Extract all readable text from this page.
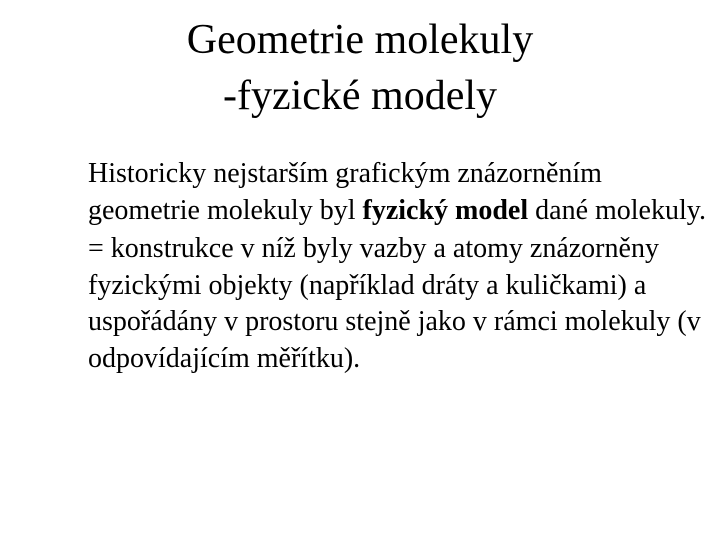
Geometrie molekuly
-fyzické modely

Historicky nejstarším grafickým znázorněním geometrie molekuly byl fyzický model dané molekuly.

= konstrukce v níž byly vazby a atomy znázorněny fyzickými objekty (například dráty a kuličkami) a uspořádány v prostoru stejně jako v rámci molekuly (v odpovídajícím měřítku).
